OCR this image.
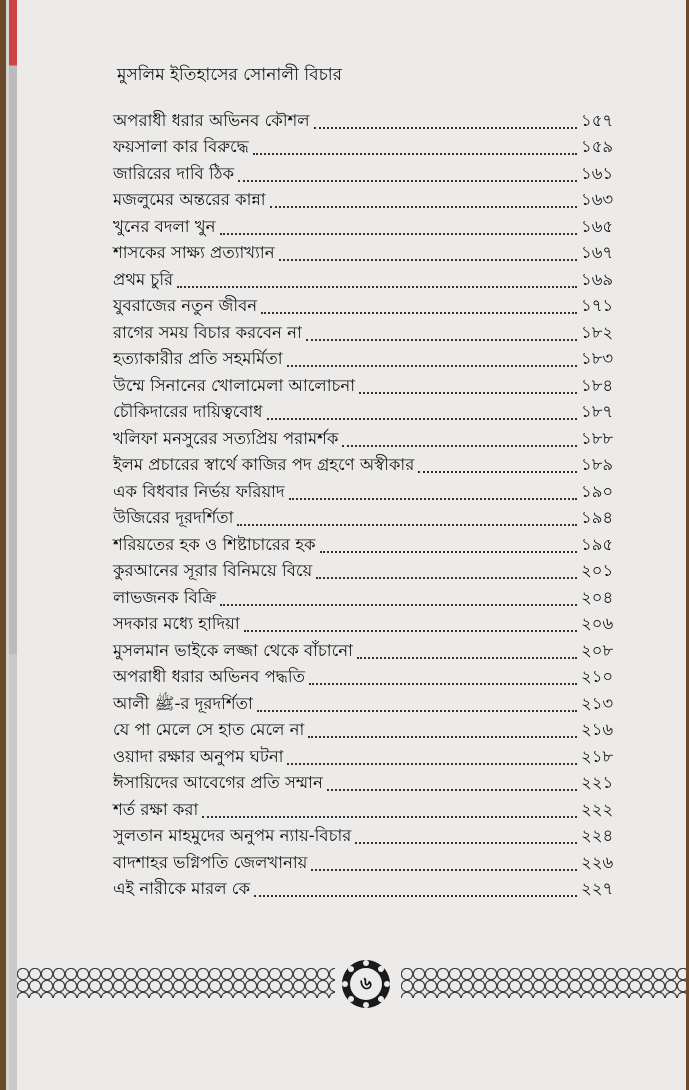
মুসলিম ইতিহাসের সোনালী বিচার
অপরাধী ধরার অভিনব কৌশল	১৫৭
ফয়সালা কার বিরুদ্ধে	১৫৯
জারিরের দাবি ঠিক	১৬১
মজলুমের অন্তরের কান্না	১৬৩
খুনের বদলা খুন	১৬৫
শাসকের সাক্ষ্য প্রত্যাখ্যান	১৬৭
প্রথম চুরি	১৬৯
যুবরাজের নতুন জীবন	১৭১
রাগের সময় বিচার করবেন না	১৮২
হত্যাকারীর প্রতি সহমর্মিতা	১৮৩
উম্মে সিনানের খোলামেলা আলোচনা	১৮৪
চৌকিদারের দায়িত্ববোধ	১৮৭
খলিফা মনসুরের সত্যপ্রিয় পরামর্শক	১৮৮
ইলম প্রচারের স্বার্থে কাজির পদ গ্রহণে অস্বীকার	১৮৯
এক বিধবার নির্ভয় ফরিয়াদ	১৯০
উজিরের দূরদর্শিতা	১৯৪
শরিয়তের হক ও শিষ্টাচারের হক	১৯৫
কুরআনের সূরার বিনিময়ে বিয়ে	২০১
লাভজনক বিক্রি	২০৪
সদকার মধ্যে হাদিয়া	২০৬
মুসলমান ভাইকে লজ্জা থেকে বাঁচানো	২০৮
অপরাধী ধরার অভিনব পদ্ধতি	২১০
আলী ﷺ-র দূরদর্শিতা	২১৩
যে পা মেলে সে হাত মেলে না	২১৬
ওয়াদা রক্ষার অনুপম ঘটনা	২১৮
ঈসায়িদের আবেগের প্রতি সম্মান	২২১
শর্ত রক্ষা করা	২২২
সুলতান মাহমুদের অনুপম ন্যায়-বিচার	২২৪
বাদশাহর ভগ্নিপতি জেলখানায়	২২৬
এই নারীকে মারল কে	২২৭
৬
